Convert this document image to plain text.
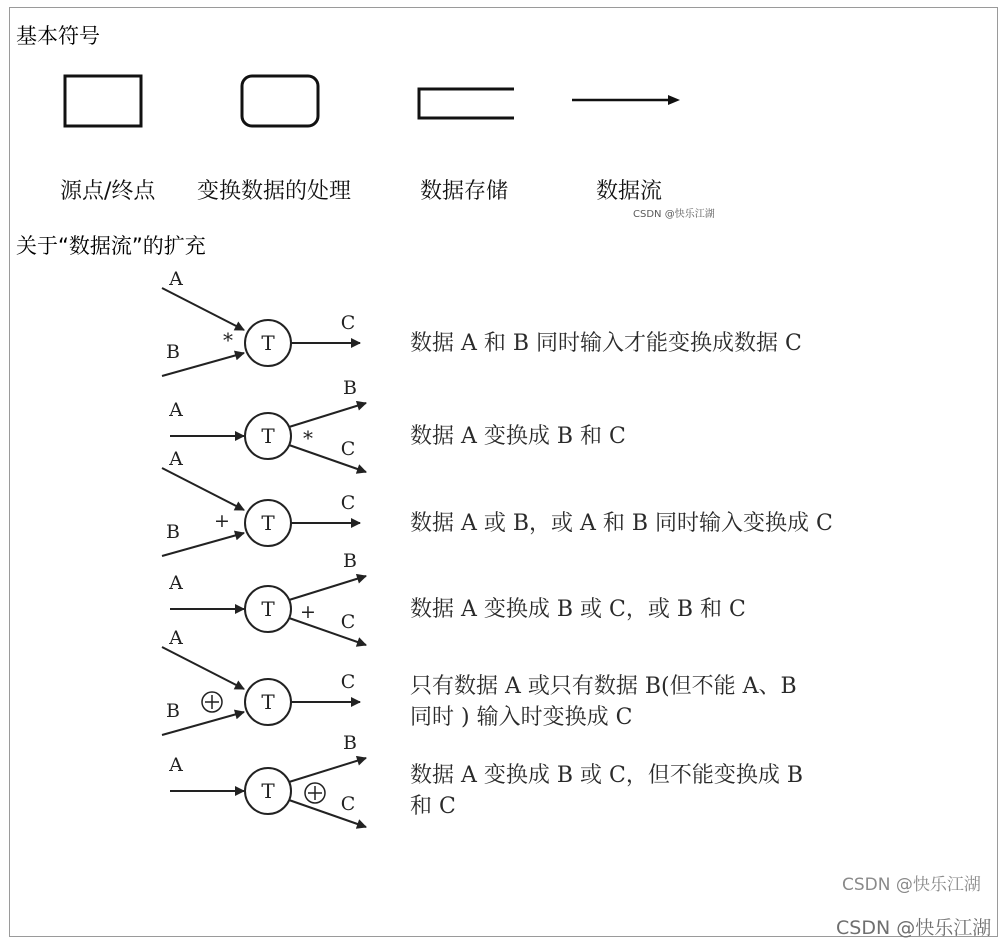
基本符号
源点/终点 变换数据的处理	数据存储	数据流
CSDN @快乐江湖
关于“数据流”的扩充
T
A
B
C
*
T
A
B
C
*
T
A
B
C
+
T
A
B
C
+
T
A
B
C
T
A
B
C
数据 A 和 B 同时输入才能变换成数据 C
数据 A 变换成 B 和 C
数据 A 或 B，或 A 和 B 同时输入变换成 C
数据 A 变换成 B 或 C，或 B 和 C
只有数据 A 或只有数据 B(但不能 A、B
同时 ) 输入时变换成 C
数据 A 变换成 B 或 C，但不能变换成 B
和 C
CSDN @快乐江湖
CSDN @快乐江湖
